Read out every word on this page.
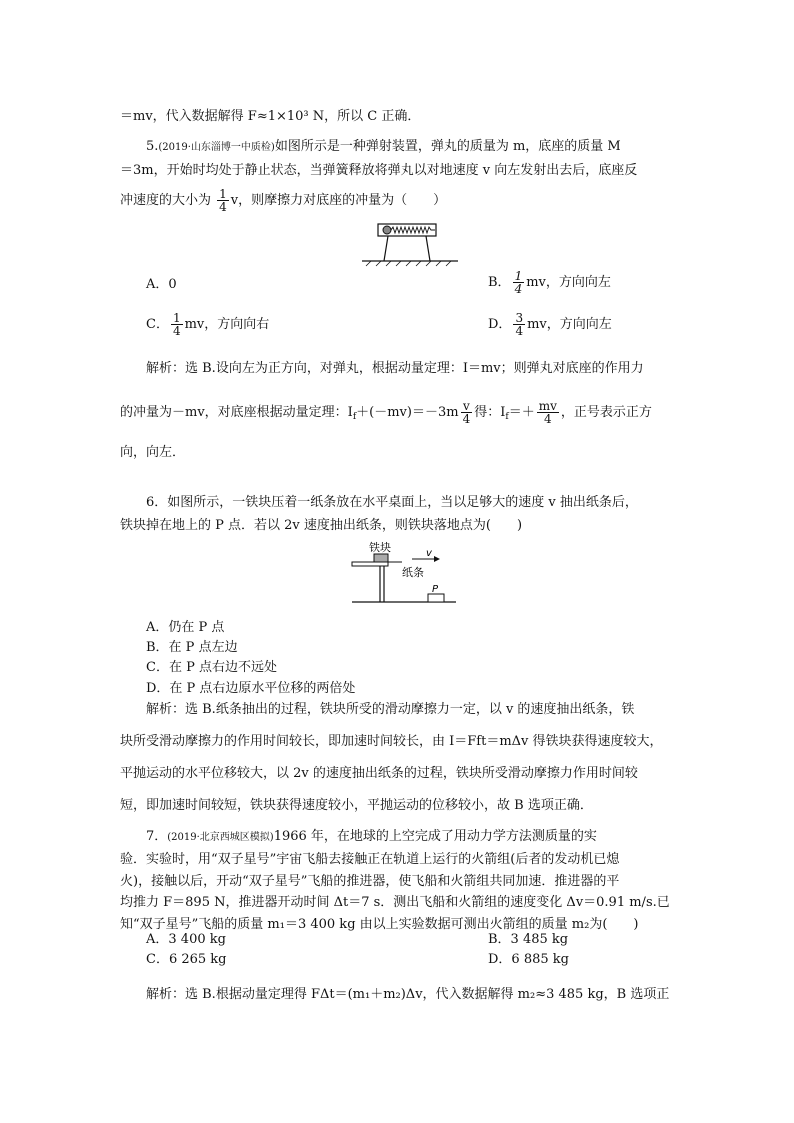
＝mv，代入数据解得 F≈1×10³ N，所以 C 正确．
5.(2019·山东淄博一中质检)如图所示是一种弹射装置，弹丸的质量为 m，底座的质量 M
＝3m，开始时均处于静止状态，当弹簧释放将弹丸以对地速度 v 向左发射出去后，底座反
冲速度的大小为 $\frac{1}{4}$ v，则摩擦力对底座的冲量为（　　）
A．0	B． $\frac{1}{4}$ mv，方向向左
C． $\frac{1}{4}$ mv，方向向右	D． $\frac{3}{4}$ mv，方向向左
解析：选 B.设向左为正方向，对弹丸，根据动量定理：I＝mv；则弹丸对底座的作用力
的冲量为－mv，对底座根据动量定理：$I_f+(-mv)=-3m \frac{v}{4}$ 得：$I_f=+ \frac{mv}{4}$ ，正号表示正方
向，向左．
6．如图所示，一铁块压着一纸条放在水平桌面上，当以足够大的速度 v 抽出纸条后，
铁块掉在地上的 P 点．若以 2v 速度抽出纸条，则铁块落地点为(　　)
铁块	v
纸条
P
A．仍在 P 点
B．在 P 点左边
C．在 P 点右边不远处
D．在 P 点右边原水平位移的两倍处
解析：选 B.纸条抽出的过程，铁块所受的滑动摩擦力一定，以 v 的速度抽出纸条，铁
块所受滑动摩擦力的作用时间较长，即加速时间较长，由 I＝Fft＝mΔv 得铁块获得速度较大，
平抛运动的水平位移较大，以 2v 的速度抽出纸条的过程，铁块所受滑动摩擦力作用时间较
短，即加速时间较短，铁块获得速度较小，平抛运动的位移较小，故 B 选项正确．
7．(2019·北京西城区模拟)1966 年，在地球的上空完成了用动力学方法测质量的实
验．实验时，用“双子星号”宇宙飞船去接触正在轨道上运行的火箭组(后者的发动机已熄
火)，接触以后，开动“双子星号”飞船的推进器，使飞船和火箭组共同加速．推进器的平
均推力 F＝895 N，推进器开动时间 Δt＝7 s．测出飞船和火箭组的速度变化 Δv＝0.91 m/s.已
知“双子星号”飞船的质量 m₁＝3 400 kg 由以上实验数据可测出火箭组的质量 m₂为(　　)
A．3 400 kg	B．3 485 kg
C．6 265 kg	D．6 885 kg
解析：选 B.根据动量定理得 FΔt＝(m₁＋m₂)Δv，代入数据解得 m₂≈3 485 kg，B 选项正
